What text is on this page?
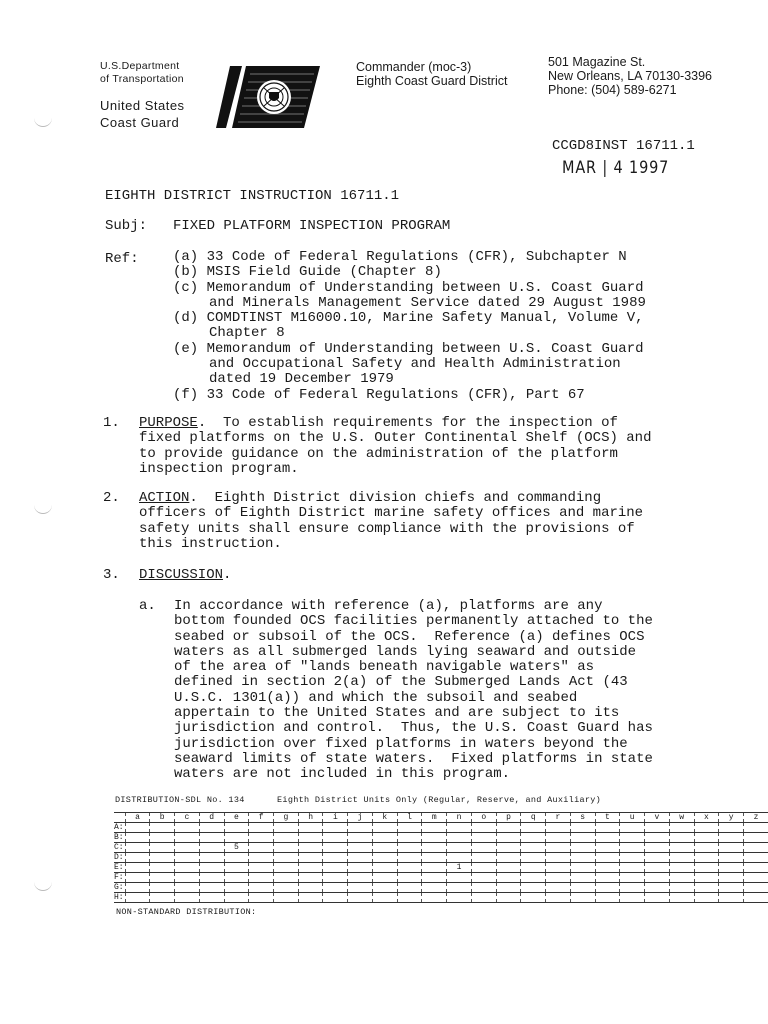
U.S.Department
of Transportation
United States
Coast Guard
Commander (moc-3)
Eighth Coast Guard District
501 Magazine St.
New Orleans, LA 70130-3396
Phone: (504) 589-6271
CCGD8INST 16711.1
MAR | 4 1997
EIGHTH DISTRICT INSTRUCTION 16711.1
Subj: FIXED PLATFORM INSPECTION PROGRAM
Ref: (a) 33 Code of Federal Regulations (CFR), Subchapter N
(b) MSIS Field Guide (Chapter 8)
(c) Memorandum of Understanding between U.S. Coast Guard
and Minerals Management Service dated 29 August 1989
(d) COMDTINST M16000.10, Marine Safety Manual, Volume V,
Chapter 8
(e) Memorandum of Understanding between U.S. Coast Guard
and Occupational Safety and Health Administration
dated 19 December 1979
(f) 33 Code of Federal Regulations (CFR), Part 67
1. PURPOSE.  To establish requirements for the inspection of
fixed platforms on the U.S. Outer Continental Shelf (OCS) and
to provide guidance on the administration of the platform
inspection program.
2. ACTION.  Eighth District division chiefs and commanding
officers of Eighth District marine safety offices and marine
safety units shall ensure compliance with the provisions of
this instruction.
3. DISCUSSION.
a. In accordance with reference (a), platforms are any
bottom founded OCS facilities permanently attached to the
seabed or subsoil of the OCS.  Reference (a) defines OCS
waters as all submerged lands lying seaward and outside
of the area of "lands beneath navigable waters" as
defined in section 2(a) of the Submerged Lands Act (43
U.S.C. 1301(a)) and which the subsoil and seabed
appertain to the United States and are subject to its
jurisdiction and control.  Thus, the U.S. Coast Guard has
jurisdiction over fixed platforms in waters beyond the
seaward limits of state waters.  Fixed platforms in state
waters are not included in this program.
DISTRIBUTION-SDL No. 134	Eighth District Units Only (Regular, Reserve, and Auxiliary)
	a	b	c	d	e	f	g	h	i	j	k	l	m	n	o	p	q	r	s	t	u	v	w	x	y	z
A:																										
B:																										
C:					5																					
D:																										
E:														1												
F:																										
G:																										
H:																										
NON-STANDARD DISTRIBUTION:
